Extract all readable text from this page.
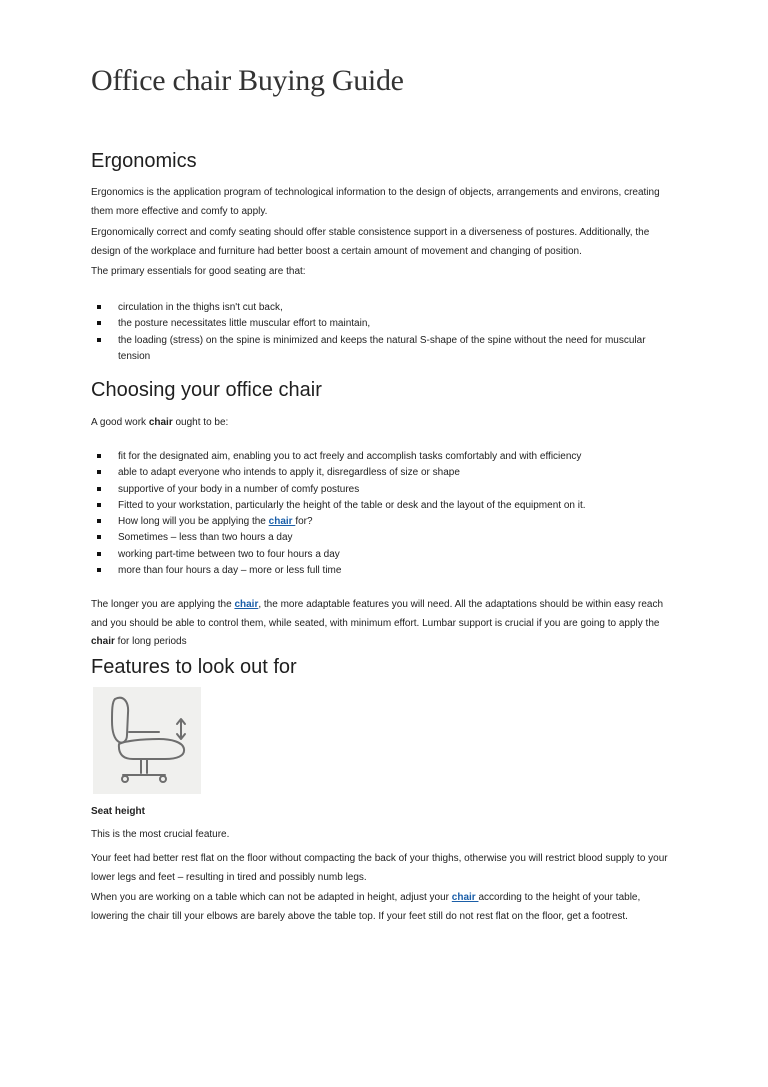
Office chair Buying Guide
Ergonomics

Ergonomics is the application program of technological information to the design of objects, arrangements and environs, creating them more effective and comfy to apply.

Ergonomically correct and comfy seating should offer stable consistence support in a diverseness of postures. Additionally, the design of the workplace and furniture had better boost a certain amount of movement and changing of position.

The primary essentials for good seating are that:

circulation in the thighs isn't cut back,
the posture necessitates little muscular effort to maintain,
the loading (stress) on the spine is minimized and keeps the natural S-shape of the spine without the need for muscular tension
Choosing your office chair

A good work chair ought to be:

fit for the designated aim, enabling you to act freely and accomplish tasks comfortably and with efficiency
able to adapt everyone who intends to apply it, disregardless of size or shape
supportive of your body in a number of comfy postures
Fitted to your workstation, particularly the height of the table or desk and the layout of the equipment on it.
How long will you be applying the chair for?
Sometimes – less than two hours a day
working part-time between two to four hours a day
more than four hours a day – more or less full time

The longer you are applying the chair, the more adaptable features you will need. All the adaptations should be within easy reach and you should be able to control them, while seated, with minimum effort. Lumbar support is crucial if you are going to apply the chair for long periods

Features to look out for

Seat height

This is the most crucial feature.

Your feet had better rest flat on the floor without compacting the back of your thighs, otherwise you will restrict blood supply to your lower legs and feet – resulting in tired and possibly numb legs.

When you are working on a table which can not be adapted in height, adjust your chair according to the height of your table, lowering the chair till your elbows are barely above the table top. If your feet still do not rest flat on the floor, get a footrest.
